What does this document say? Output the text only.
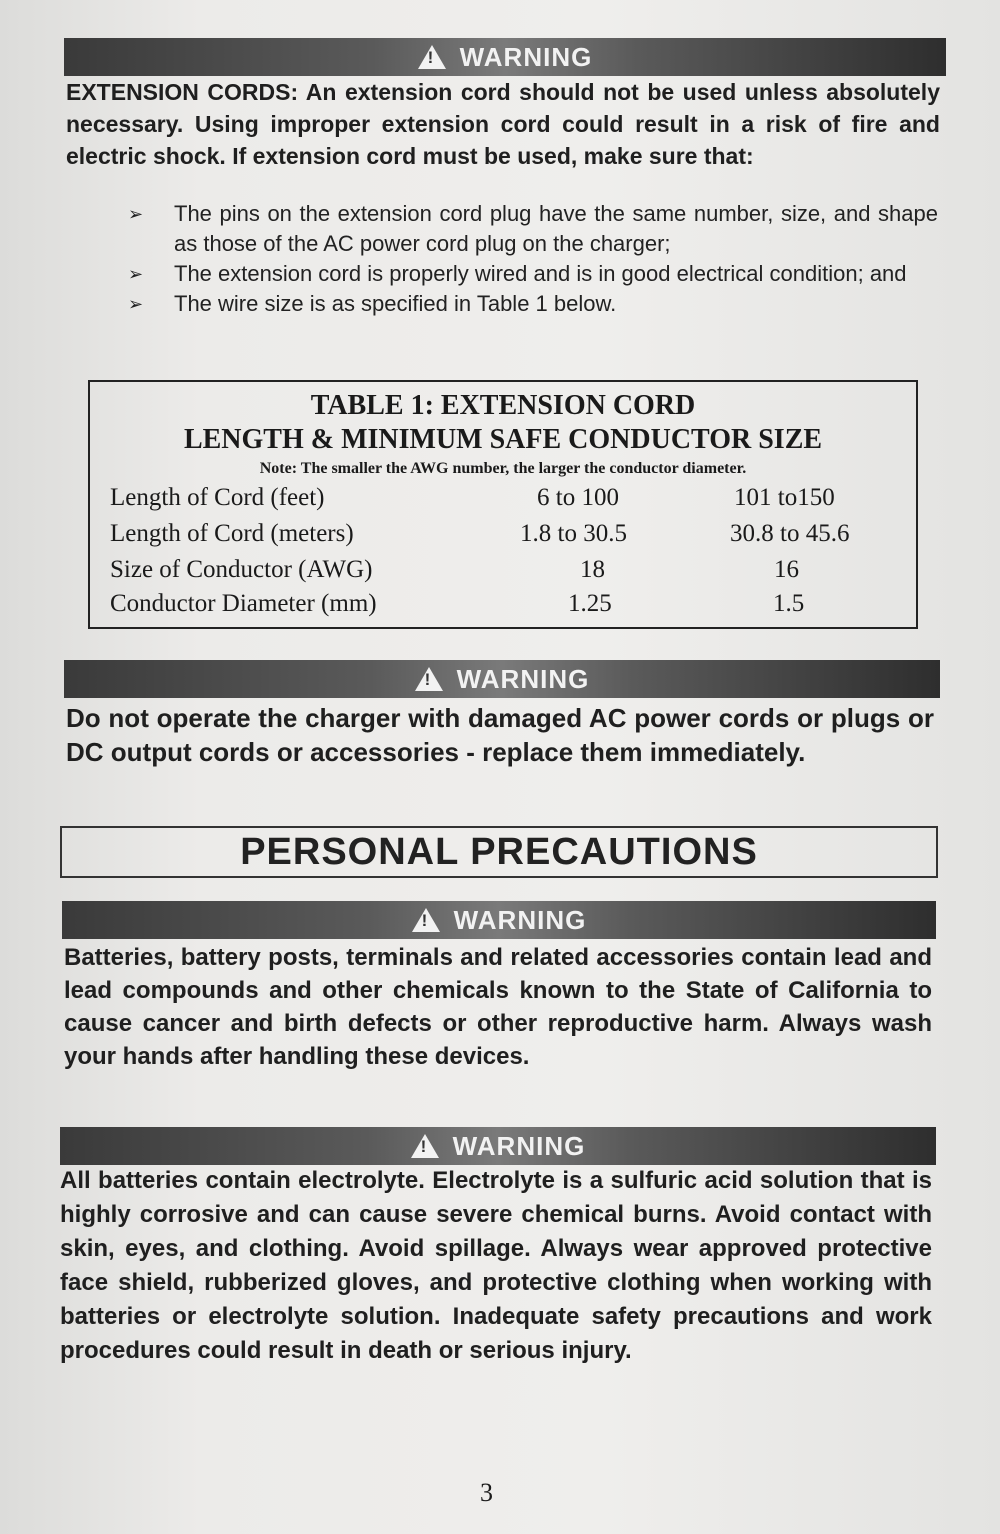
!
WARNING
EXTENSION CORDS: An extension cord should not be used unless absolutely necessary. Using improper extension cord could result in a risk of fire and electric shock. If extension cord must be used, make sure that:
➢	The pins on the extension cord plug have the same number, size, and shape as those of the AC power cord plug on the charger;
➢	The extension cord is properly wired and is in good electrical condition; and
➢	The wire size is as specified in Table 1 below.
TABLE 1: EXTENSION CORD
LENGTH & MINIMUM SAFE CONDUCTOR SIZE
Note: The smaller the AWG number, the larger the conductor diameter.
Length of Cord (feet)	6 to 100	101 to150
Length of Cord (meters)	1.8 to 30.5	30.8 to 45.6
Size of Conductor (AWG)	18	16
Conductor Diameter (mm)	1.25	1.5
!
WARNING
Do not operate the charger with damaged AC power cords or plugs or DC output cords or accessories - replace them immediately.
PERSONAL PRECAUTIONS
!
WARNING
Batteries, battery posts, terminals and related accessories contain lead and lead compounds and other chemicals known to the State of California to cause cancer and birth defects or other reproductive harm. Always wash your hands after handling these devices.
!
WARNING
All batteries contain electrolyte. Electrolyte is a sulfuric acid solution that is highly corrosive and can cause severe chemical burns. Avoid contact with skin, eyes, and clothing. Avoid spillage. Always wear approved protective face shield, rubberized gloves, and protective clothing when working with batteries or electrolyte solution. Inadequate safety precautions and work procedures could result in death or serious injury.
3
